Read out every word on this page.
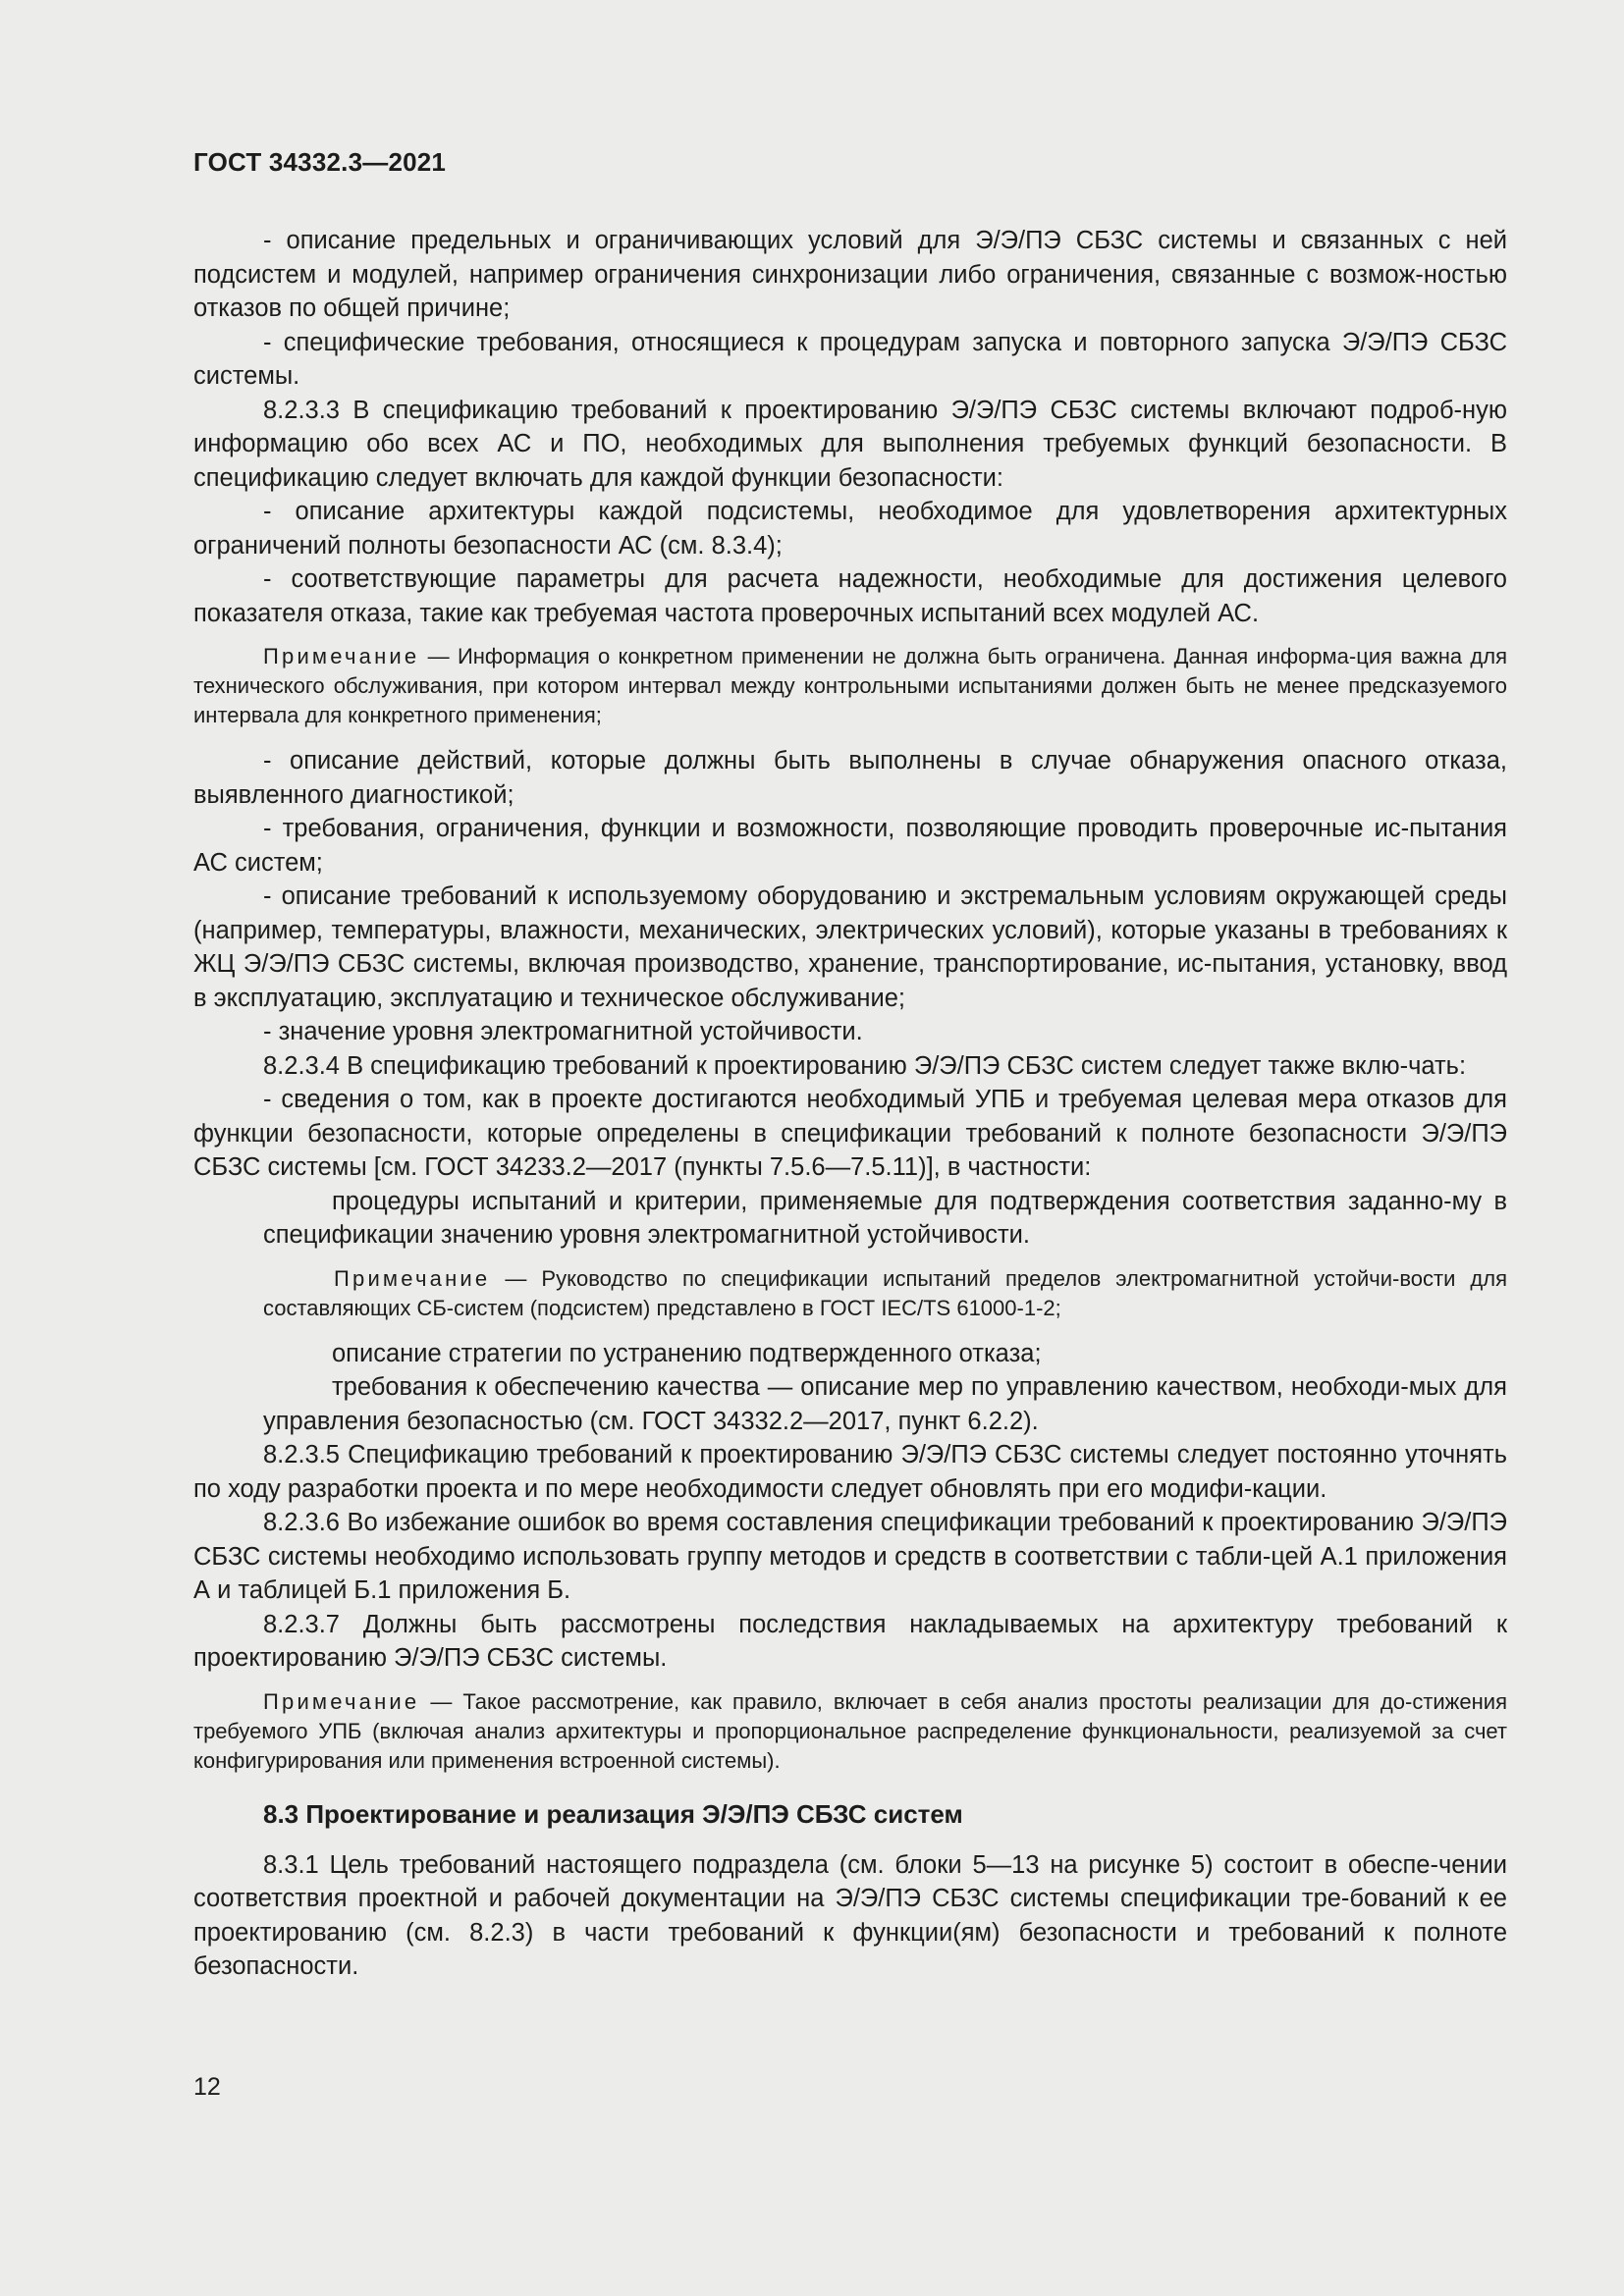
ГОСТ 34332.3—2021

- описание предельных и ограничивающих условий для Э/Э/ПЭ СБЗС системы и связанных с ней подсистем и модулей, например ограничения синхронизации либо ограничения, связанные с возмож-ностью отказов по общей причине;

- специфические требования, относящиеся к процедурам запуска и повторного запуска Э/Э/ПЭ СБЗС системы.

8.2.3.3 В спецификацию требований к проектированию Э/Э/ПЭ СБЗС системы включают подроб-ную информацию обо всех АС и ПО, необходимых для выполнения требуемых функций безопасности. В спецификацию следует включать для каждой функции безопасности:

- описание архитектуры каждой подсистемы, необходимое для удовлетворения архитектурных ограничений полноты безопасности АС (см. 8.3.4);

- соответствующие параметры для расчета надежности, необходимые для достижения целевого показателя отказа, такие как требуемая частота проверочных испытаний всех модулей АС.

Примечание — Информация о конкретном применении не должна быть ограничена. Данная информа-ция важна для технического обслуживания, при котором интервал между контрольными испытаниями должен быть не менее предсказуемого интервала для конкретного применения;

- описание действий, которые должны быть выполнены в случае обнаружения опасного отказа, выявленного диагностикой;

- требования, ограничения, функции и возможности, позволяющие проводить проверочные ис-пытания АС систем;

- описание требований к используемому оборудованию и экстремальным условиям окружающей среды (например, температуры, влажности, механических, электрических условий), которые указаны в требованиях к ЖЦ Э/Э/ПЭ СБЗС системы, включая производство, хранение, транспортирование, ис-пытания, установку, ввод в эксплуатацию, эксплуатацию и техническое обслуживание;

- значение уровня электромагнитной устойчивости.

8.2.3.4 В спецификацию требований к проектированию Э/Э/ПЭ СБЗС систем следует также вклю-чать:

- сведения о том, как в проекте достигаются необходимый УПБ и требуемая целевая мера отказов для функции безопасности, которые определены в спецификации требований к полноте безопасности Э/Э/ПЭ СБЗС системы [см. ГОСТ 34233.2—2017 (пункты 7.5.6—7.5.11)], в частности:

процедуры испытаний и критерии, применяемые для подтверждения соответствия заданно-му в спецификации значению уровня электромагнитной устойчивости.

Примечание — Руководство по спецификации испытаний пределов электромагнитной устойчи-вости для составляющих СБ-систем (подсистем) представлено в ГОСТ IEC/TS 61000-1-2;

описание стратегии по устранению подтвержденного отказа;

требования к обеспечению качества — описание мер по управлению качеством, необходи-мых для управления безопасностью (см. ГОСТ 34332.2—2017, пункт 6.2.2).

8.2.3.5 Спецификацию требований к проектированию Э/Э/ПЭ СБЗС системы следует постоянно уточнять по ходу разработки проекта и по мере необходимости следует обновлять при его модифи-кации.

8.2.3.6 Во избежание ошибок во время составления спецификации требований к проектированию Э/Э/ПЭ СБЗС системы необходимо использовать группу методов и средств в соответствии с табли-цей А.1 приложения А и таблицей Б.1 приложения Б.

8.2.3.7 Должны быть рассмотрены последствия накладываемых на архитектуру требований к проектированию Э/Э/ПЭ СБЗС системы.

Примечание — Такое рассмотрение, как правило, включает в себя анализ простоты реализации для до-стижения требуемого УПБ (включая анализ архитектуры и пропорциональное распределение функциональности, реализуемой за счет конфигурирования или применения встроенной системы).

8.3 Проектирование и реализация Э/Э/ПЭ СБЗС систем

8.3.1 Цель требований настоящего подраздела (см. блоки 5—13 на рисунке 5) состоит в обеспе-чении соответствия проектной и рабочей документации на Э/Э/ПЭ СБЗС системы спецификации тре-бований к ее проектированию (см. 8.2.3) в части требований к функции(ям) безопасности и требований к полноте безопасности.

12
